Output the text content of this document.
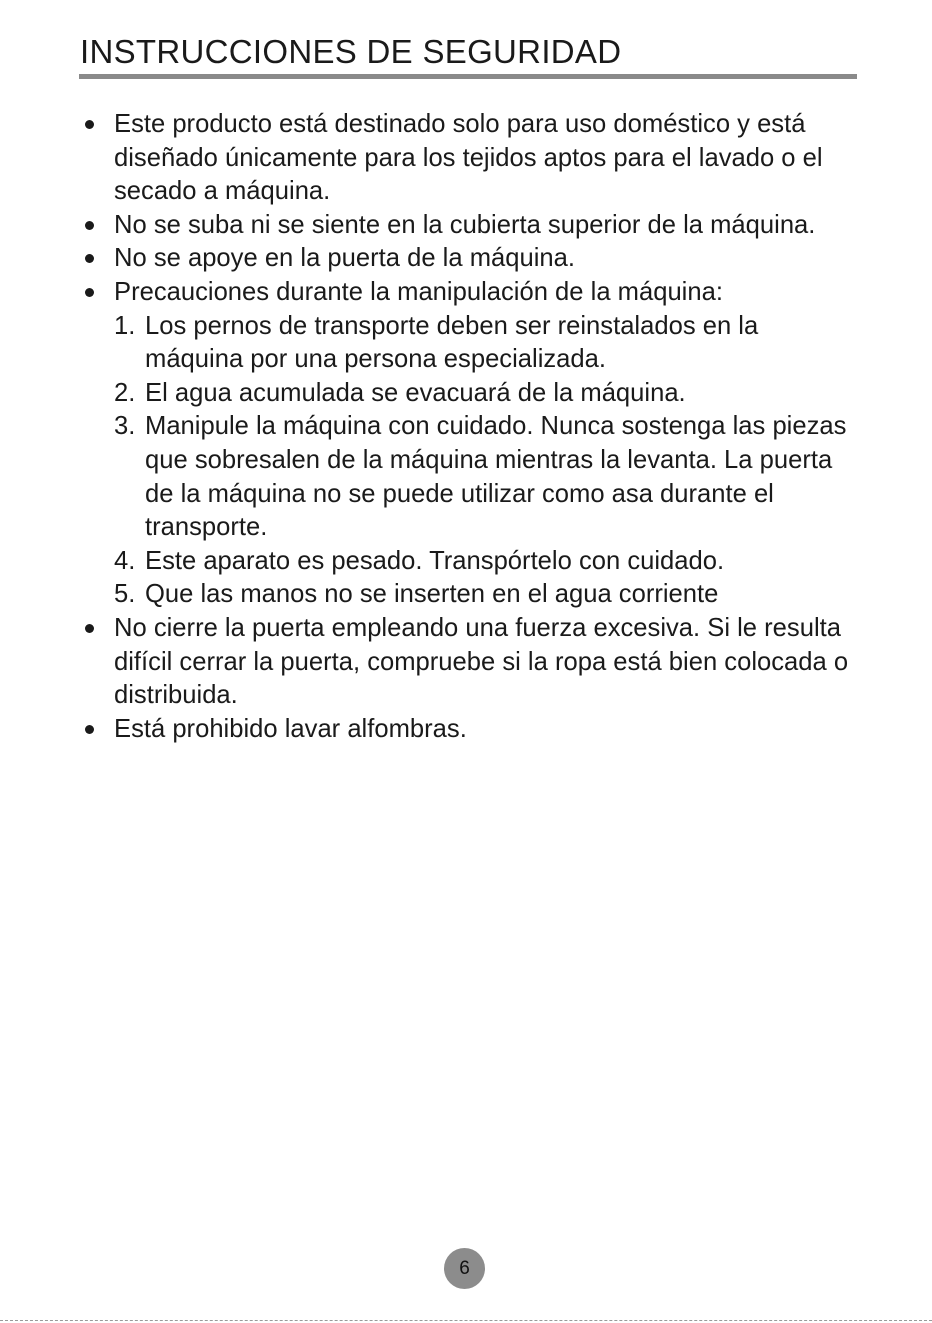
INSTRUCCIONES DE SEGURIDAD
Este producto está destinado solo para uso doméstico y está diseñado únicamente para los tejidos aptos para el lavado o el secado a máquina.
No se suba ni se siente en la cubierta superior de la máquina.
No se apoye en la puerta de la máquina.
Precauciones durante la manipulación de la máquina:
1. Los pernos de transporte deben ser reinstalados en la máquina por una persona especializada.
2. El agua acumulada se evacuará de la máquina.
3. Manipule la máquina con cuidado. Nunca sostenga las piezas que sobresalen de la máquina mientras la levanta. La puerta de la máquina no se puede utilizar como asa durante el transporte.
4. Este aparato es pesado. Transpórtelo con cuidado.
5. Que las manos no se inserten en el agua corriente
No cierre la puerta empleando una fuerza excesiva. Si le resulta difícil cerrar la puerta, compruebe si la ropa está bien colocada o distribuida.
Está prohibido lavar alfombras.
6
